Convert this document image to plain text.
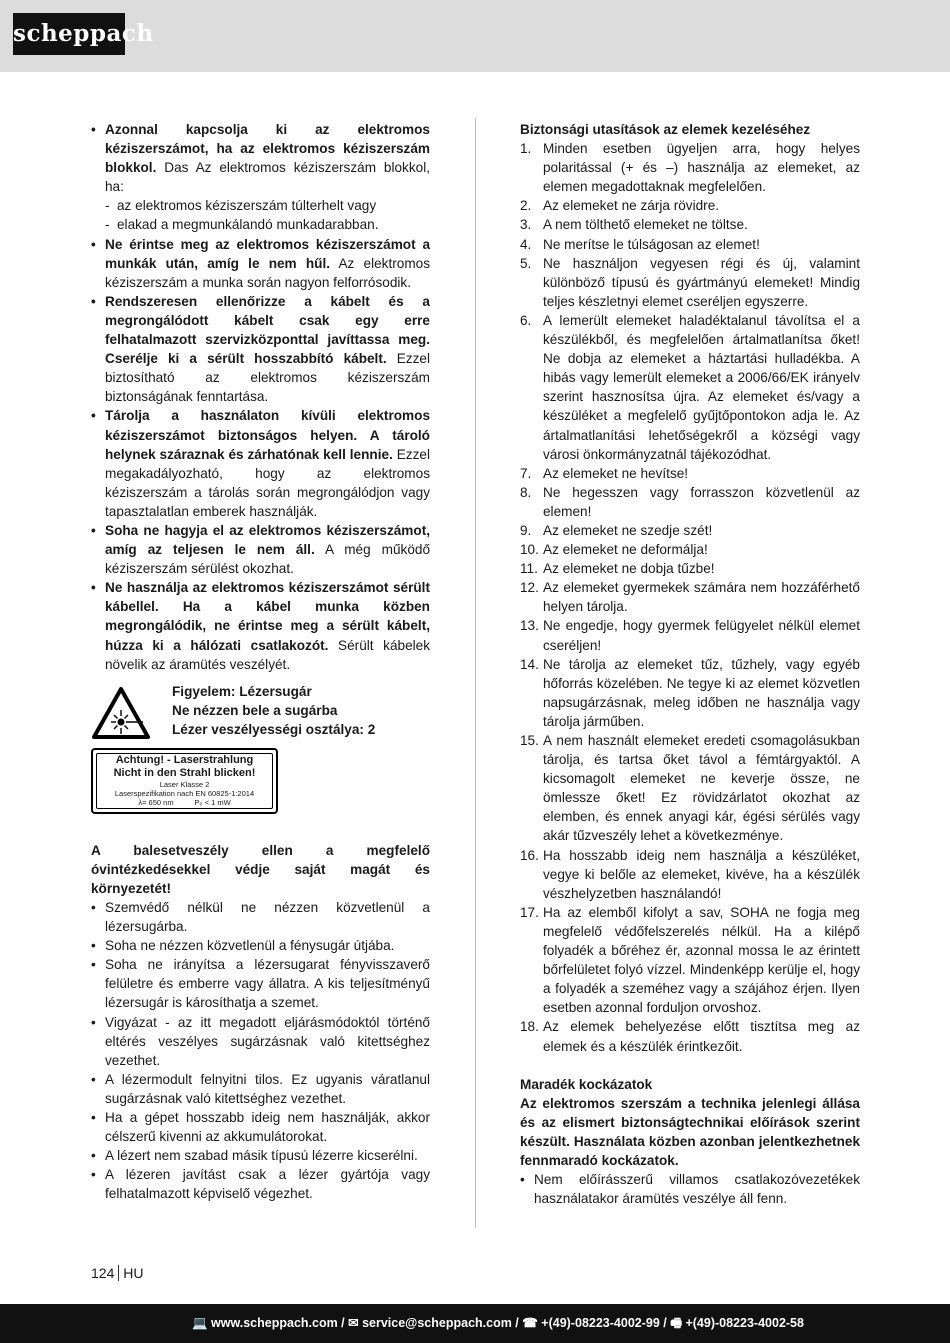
scheppach
• Azonnal kapcsolja ki az elektromos kéziszerszámot, ha az elektromos kéziszerszám blokkol. Das Az elektromos kéziszerszám blokkol, ha:
- az elektromos kéziszerszám túlterhelt vagy
- elakad a megmunkálandó munkadarabban.
• Ne érintse meg az elektromos kéziszerszámot a munkák után, amíg le nem hűl. Az elektromos kéziszerszám a munka során nagyon felforrósodik.
• Rendszeresen ellenőrizze a kábelt és a megrongálódott kábelt csak egy erre felhatalmazott szervizközponttal javíttassa meg. Cserélje ki a sérült hosszabbító kábelt. Ezzel biztosítható az elektromos kéziszerszám biztonságának fenntartása.
• Tárolja a használaton kívüli elektromos kéziszerszámot biztonságos helyen. A tároló helynek száraznak és zárhatónak kell lennie. Ezzel megakadályozható, hogy az elektromos kéziszerszám a tárolás során megrongálódjon vagy tapasztalatlan emberek használják.
• Soha ne hagyja el az elektromos kéziszerszámot, amíg az teljesen le nem áll. A még működő kéziszerszám sérülést okozhat.
• Ne használja az elektromos kéziszerszámot sérült kábellel. Ha a kábel munka közben megrongálódik, ne érintse meg a sérült kábelt, húzza ki a hálózati csatlakozót. Sérült kábelek növelik az áramütés veszélyét.
Figyelem: Lézersugár
Ne nézzen bele a sugárba
Lézer veszélyességi osztálya: 2
Achtung! - Laserstrahlung
Nicht in den Strahl blicken!
Laser Klasse 2
Laserspezifikation nach EN 60825-1:2014
λ= 650 nm          P₀ < 1 mW

A balesetveszély ellen a megfelelő óvintézkedésekkel védje saját magát és környezetét!

• Szemvédő nélkül ne nézzen közvetlenül a lézersugárba.
• Soha ne nézzen közvetlenül a fénysugár útjába.
• Soha ne irányítsa a lézersugarat fényvisszaverő felületre és emberre vagy állatra. A kis teljesítményű lézersugár is károsíthatja a szemet.
• Vigyázat - az itt megadott eljárásmódoktól történő eltérés veszélyes sugárzásnak való kitettséghez vezethet.
• A lézermodult felnyitni tilos. Ez ugyanis váratlanul sugárzásnak való kitettséghez vezethet.
• Ha a gépet hosszabb ideig nem használják, akkor célszerű kivenni az akkumulátorokat.
• A lézert nem szabad másik típusú lézerre kicserélni.
• A lézeren javítást csak a lézer gyártója vagy felhatalmazott képviselő végezhet.

Biztonsági utasítások az elemek kezeléséhez

1. Minden esetben ügyeljen arra, hogy helyes polaritással (+ és –) használja az elemeket, az elemen megadottaknak megfelelően.
2. Az elemeket ne zárja rövidre.
3. A nem tölthető elemeket ne töltse.
4. Ne merítse le túlságosan az elemet!
5. Ne használjon vegyesen régi és új, valamint különböző típusú és gyártmányú elemeket! Mindig teljes készletnyi elemet cseréljen egyszerre.
6. A lemerült elemeket haladéktalanul távolítsa el a készülékből, és megfelelően ártalmatlanítsa őket! Ne dobja az elemeket a háztartási hulladékba. A hibás vagy lemerült elemeket a 2006/66/EK irányelv szerint hasznosítsa újra. Az elemeket és/vagy a készüléket a megfelelő gyűjtőpontokon adja le. Az ártalmatlanítási lehetőségekről a községi vagy városi önkormányzatnál tájékozódhat.
7. Az elemeket ne hevítse!
8. Ne hegesszen vagy forrasszon közvetlenül az elemen!
9. Az elemeket ne szedje szét!
10. Az elemeket ne deformálja!
11. Az elemeket ne dobja tűzbe!
12. Az elemeket gyermekek számára nem hozzáférhető helyen tárolja.
13. Ne engedje, hogy gyermek felügyelet nélkül elemet cseréljen!
14. Ne tárolja az elemeket tűz, tűzhely, vagy egyéb hőforrás közelében. Ne tegye ki az elemet közvetlen napsugárzásnak, meleg időben ne használja vagy tárolja járműben.
15. A nem használt elemeket eredeti csomagolásukban tárolja, és tartsa őket távol a fémtárgyaktól. A kicsomagolt elemeket ne keverje össze, ne ömlessze őket! Ez rövidzárlatot okozhat az elemben, és ennek anyagi kár, égési sérülés vagy akár tűzveszély lehet a következménye.
16. Ha hosszabb ideig nem használja a készüléket, vegye ki belőle az elemeket, kivéve, ha a készülék vészhelyzetben használandó!
17. Ha az elemből kifolyt a sav, SOHA ne fogja meg megfelelő védőfelszerelés nélkül. Ha a kilépő folyadék a bőréhez ér, azonnal mossa le az érintett bőrfelületet folyó vízzel. Mindenképp kerülje el, hogy a folyadék a szeméhez vagy a szájához érjen. Ilyen esetben azonnal forduljon orvoshoz.
18. Az elemek behelyezése előtt tisztítsa meg az elemek és a készülék érintkezőit.

Maradék kockázatok

Az elektromos szerszám a technika jelenlegi állása és az elismert biztonságtechnikai előírások szerint készült. Használata közben azonban jelentkezhetnek fennmaradó kockázatok.

• Nem előírásszerű villamos csatlakozóvezetékek használatakor áramütés veszélye áll fenn.
124 HU
💻 www.scheppach.com / ✉ service@scheppach.com / ☎ +(49)-08223-4002-99 / 🖷 +(49)-08223-4002-58
